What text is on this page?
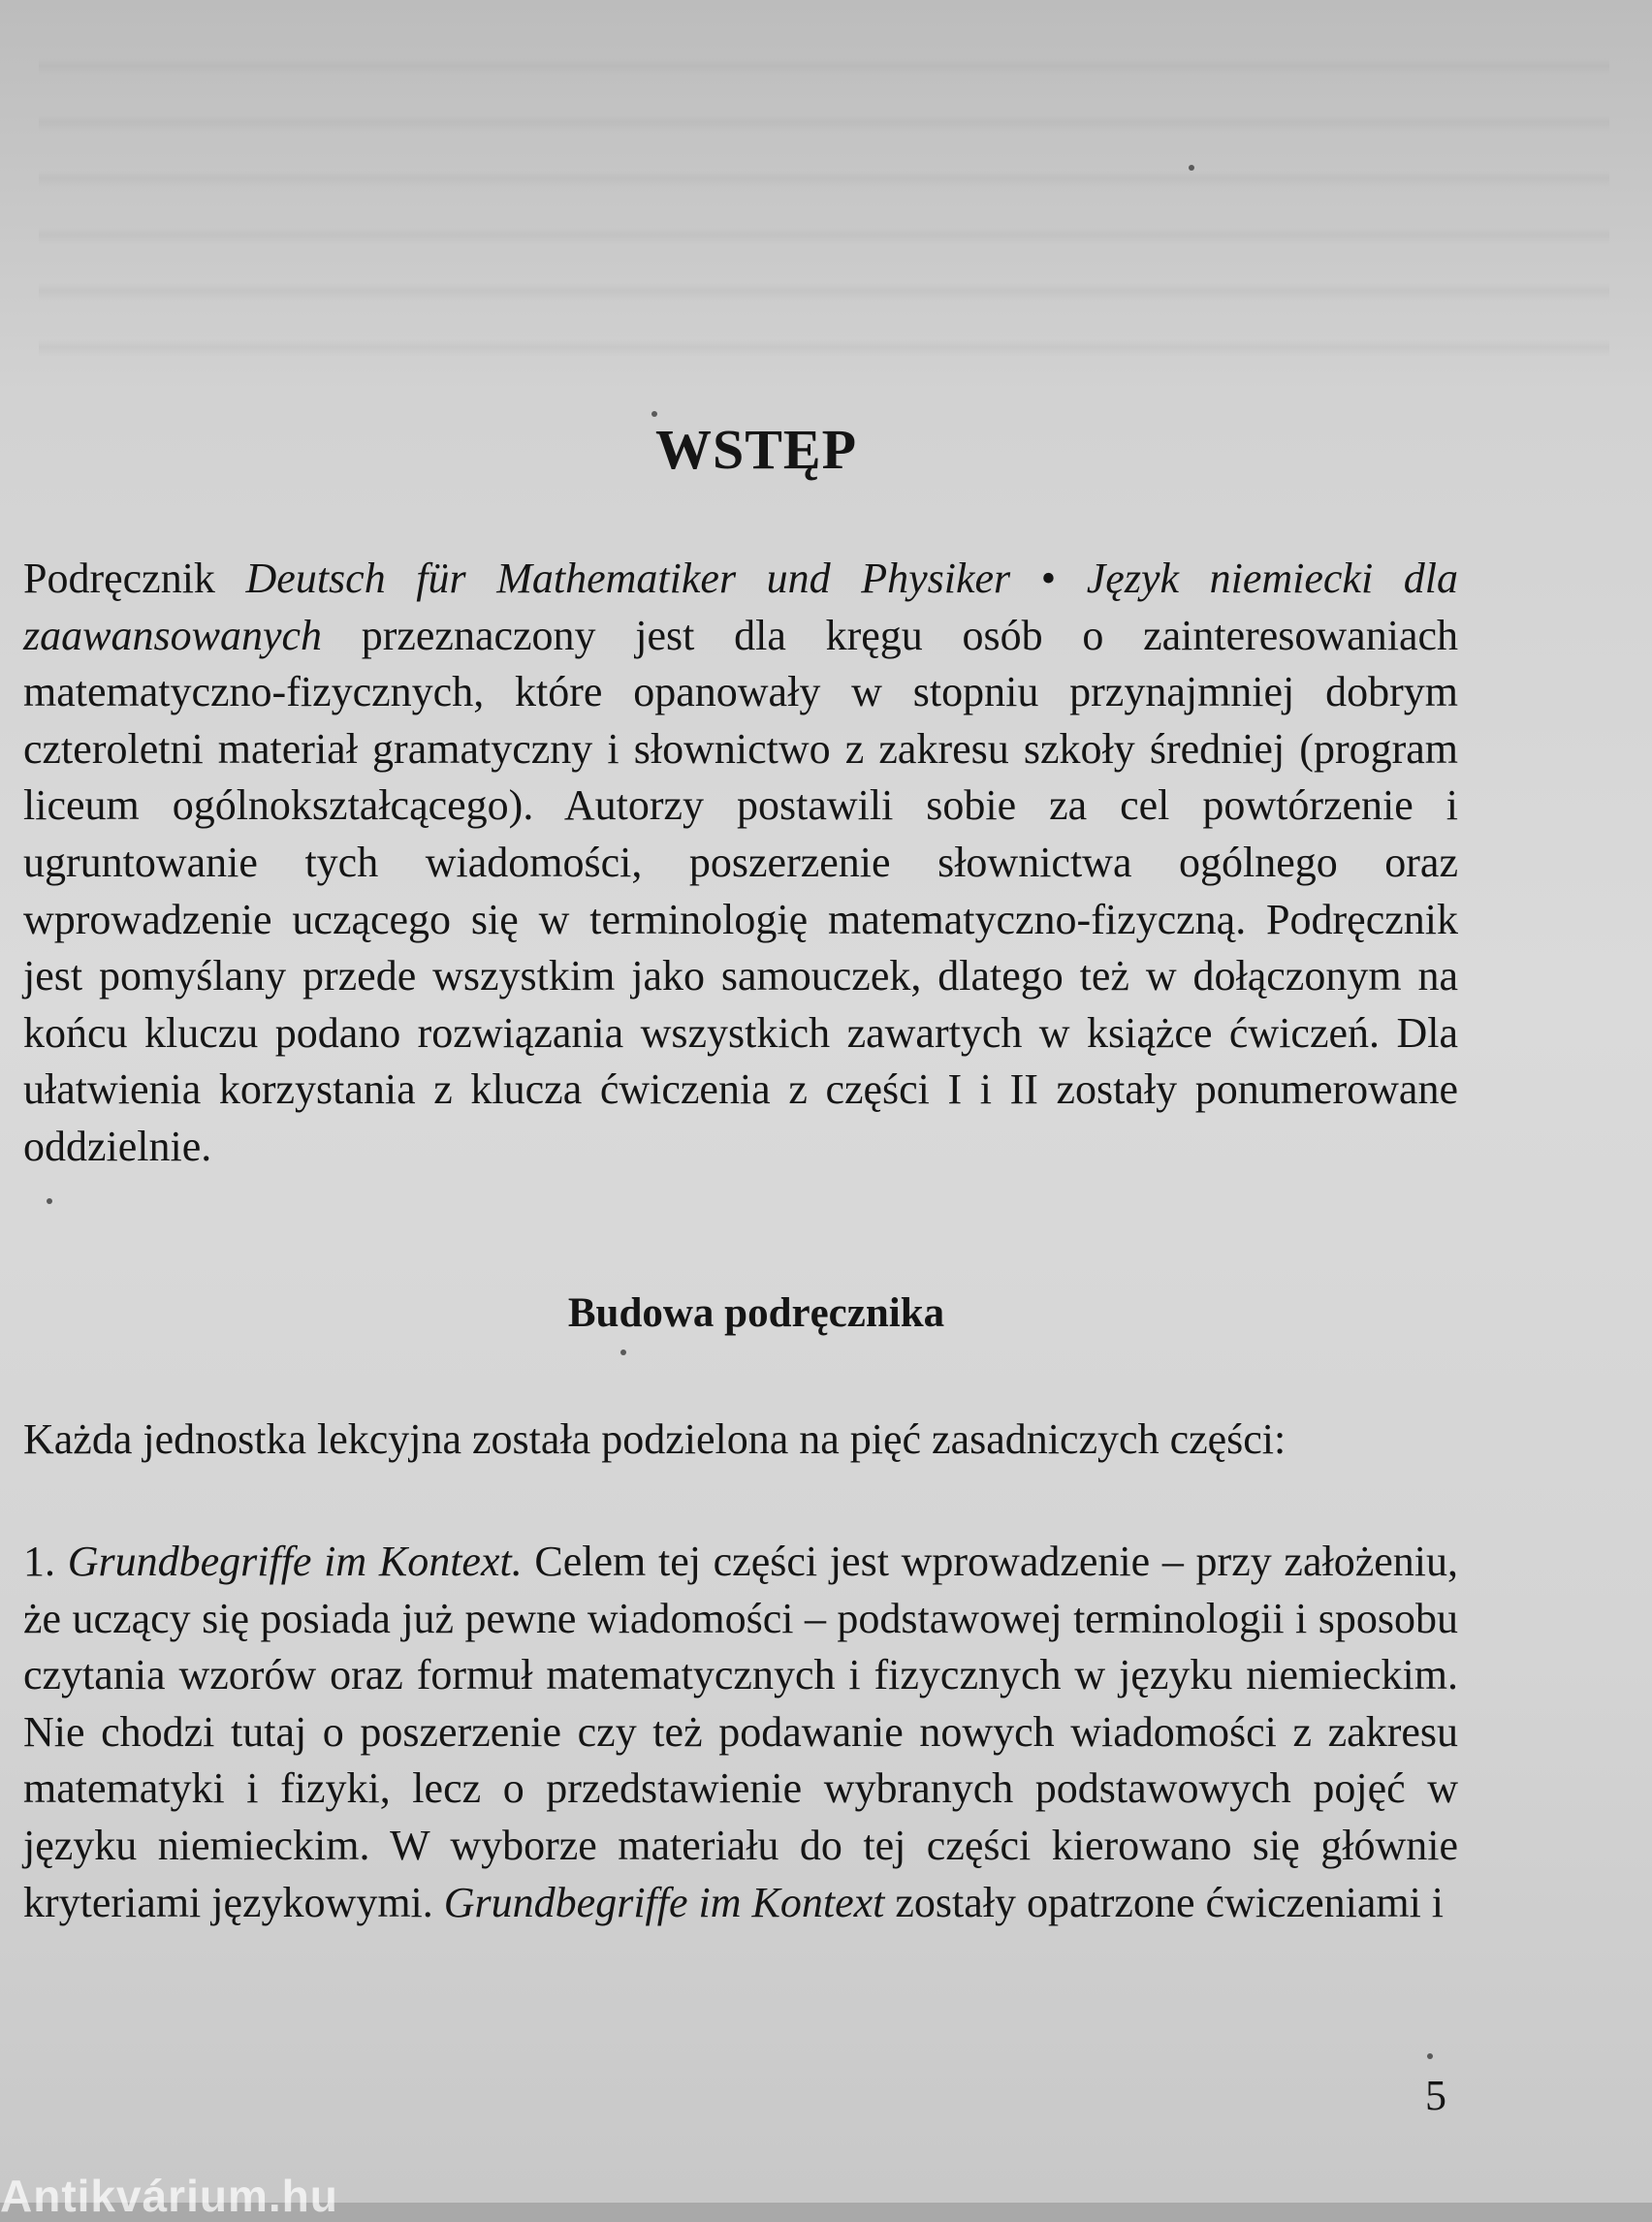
WSTĘP

Podręcznik Deutsch für Mathematiker und Physiker • Język niemiecki dla zaawansowanych przeznaczony jest dla kręgu osób o zainteresowaniach matematyczno-fizycznych, które opanowały w stopniu przynajmniej dobrym czteroletni materiał gramatyczny i słownictwo z zakresu szkoły średniej (program liceum ogólnokształcącego). Autorzy postawili sobie za cel powtórzenie i ugruntowanie tych wiadomości, poszerzenie słownictwa ogólnego oraz wprowadzenie uczącego się w terminologię matematyczno-fizyczną. Podręcznik jest pomyślany przede wszystkim jako samouczek, dlatego też w dołączonym na końcu kluczu podano rozwiązania wszystkich zawartych w książce ćwiczeń. Dla ułatwienia korzystania z klucza ćwiczenia z części I i II zostały ponumerowane oddzielnie.

Budowa podręcznika

Każda jednostka lekcyjna została podzielona na pięć zasadniczych części:

1. Grundbegriffe im Kontext. Celem tej części jest wprowadzenie – przy założeniu, że uczący się posiada już pewne wiadomości – podstawowej terminologii i sposobu czytania wzorów oraz formuł matematycznych i fizycznych w języku niemieckim. Nie chodzi tutaj o poszerzenie czy też podawanie nowych wiadomości z zakresu matematyki i fizyki, lecz o przedstawienie wybranych podstawowych pojęć w języku niemieckim. W wyborze materiału do tej części kierowano się głównie kryteriami językowymi. Grundbegriffe im Kontext zostały opatrzone ćwiczeniami i

5
Antikvárium.hu
